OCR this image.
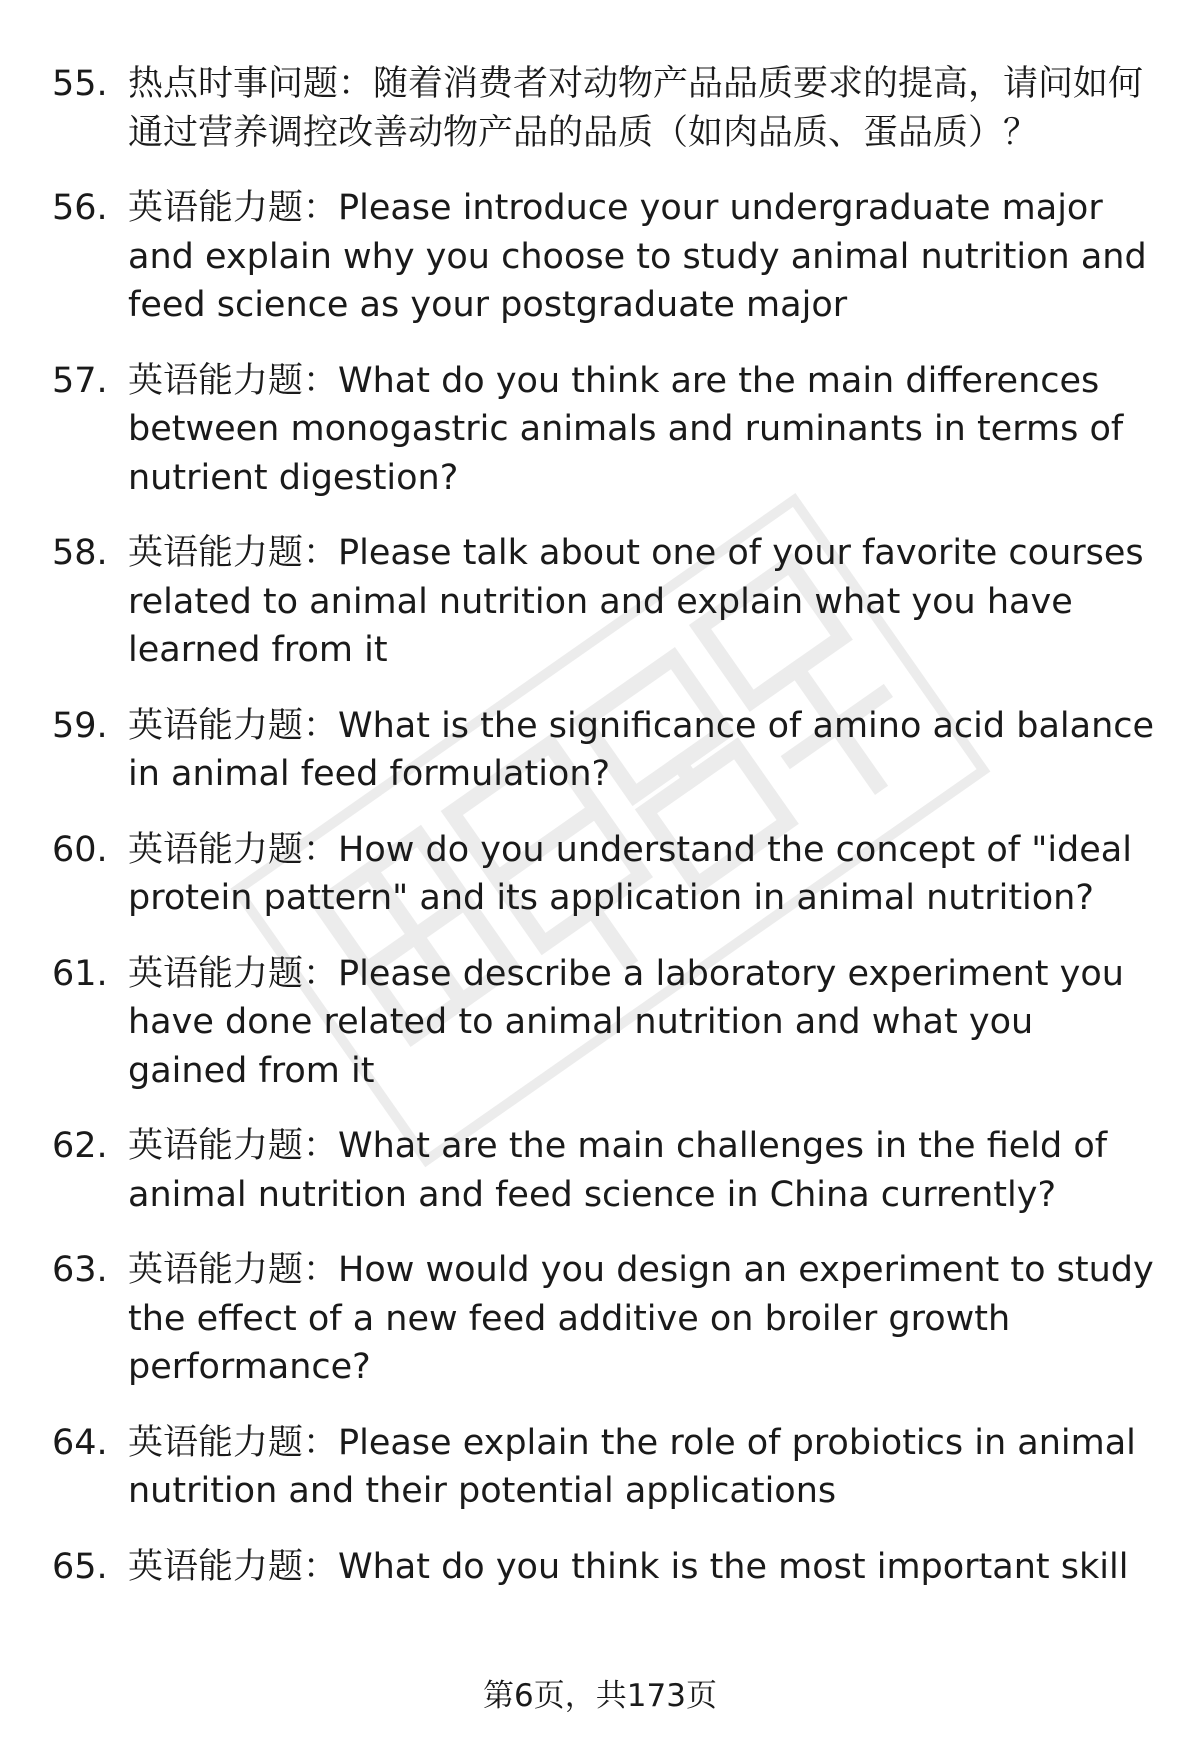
55. 热点时事问题：随着消费者对动物产品品质要求的提高，请问如何通过营养调控改善动物产品的品质（如肉品质、蛋品质）？
56. 英语能力题：Please introduce your undergraduate major and explain why you choose to study animal nutrition and feed science as your postgraduate major
57. 英语能力题：What do you think are the main differences between monogastric animals and ruminants in terms of nutrient digestion?
58. 英语能力题：Please talk about one of your favorite courses related to animal nutrition and explain what you have learned from it
59. 英语能力题：What is the significance of amino acid balance in animal feed formulation?
60. 英语能力题：How do you understand the concept of "ideal protein pattern" and its application in animal nutrition?
61. 英语能力题：Please describe a laboratory experiment you have done related to animal nutrition and what you gained from it
62. 英语能力题：What are the main challenges in the field of animal nutrition and feed science in China currently?
63. 英语能力题：How would you design an experiment to study the effect of a new feed additive on broiler growth performance?
64. 英语能力题：Please explain the role of probiotics in animal nutrition and their potential applications
65. 英语能力题：What do you think is the most important skill
第6页，共173页
